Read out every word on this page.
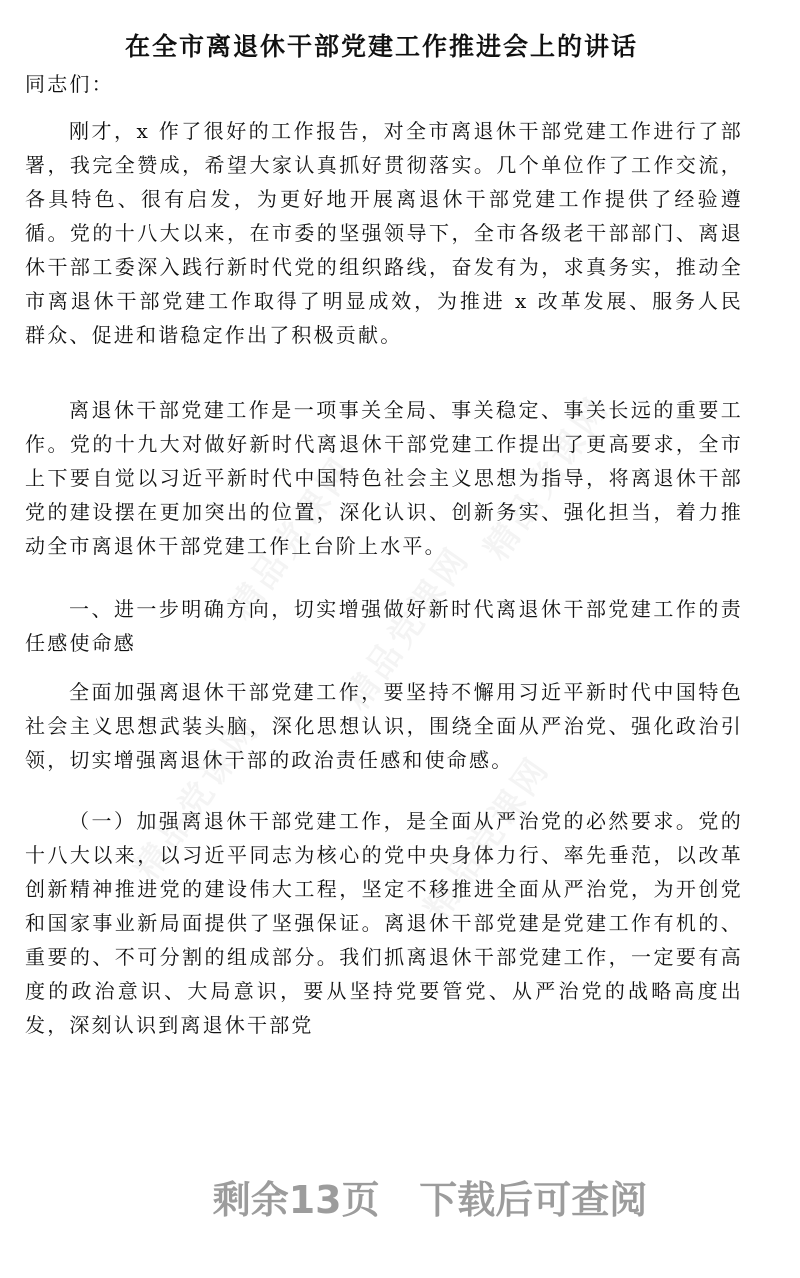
在全市离退休干部党建工作推进会上的讲话

同志们：

刚才，x 作了很好的工作报告，对全市离退休干部党建工作进行了部署，我完全赞成，希望大家认真抓好贯彻落实。几个单位作了工作交流，各具特色、很有启发，为更好地开展离退休干部党建工作提供了经验遵循。党的十八大以来，在市委的坚强领导下，全市各级老干部部门、离退休干部工委深入践行新时代党的组织路线，奋发有为，求真务实，推动全市离退休干部党建工作取得了明显成效，为推进 x 改革发展、服务人民群众、促进和谐稳定作出了积极贡献。

离退休干部党建工作是一项事关全局、事关稳定、事关长远的重要工作。党的十九大对做好新时代离退休干部党建工作提出了更高要求，全市上下要自觉以习近平新时代中国特色社会主义思想为指导，将离退休干部党的建设摆在更加突出的位置，深化认识、创新务实、强化担当，着力推动全市离退休干部党建工作上台阶上水平。

一、进一步明确方向，切实增强做好新时代离退休干部党建工作的责任感使命感

全面加强离退休干部党建工作，要坚持不懈用习近平新时代中国特色社会主义思想武装头脑，深化思想认识，围绕全面从严治党、强化政治引领，切实增强离退休干部的政治责任感和使命感。

（一）加强离退休干部党建工作，是全面从严治党的必然要求。党的十八大以来，以习近平同志为核心的党中央身体力行、率先垂范，以改革创新精神推进党的建设伟大工程，坚定不移推进全面从严治党，为开创党和国家事业新局面提供了坚强保证。离退休干部党建是党建工作有机的、重要的、不可分割的组成部分。我们抓离退休干部党建工作，一定要有高度的政治意识、大局意识，要从坚持党要管党、从严治党的战略高度出发，深刻认识到离退休干部党

剩余13页   下载后可查阅
